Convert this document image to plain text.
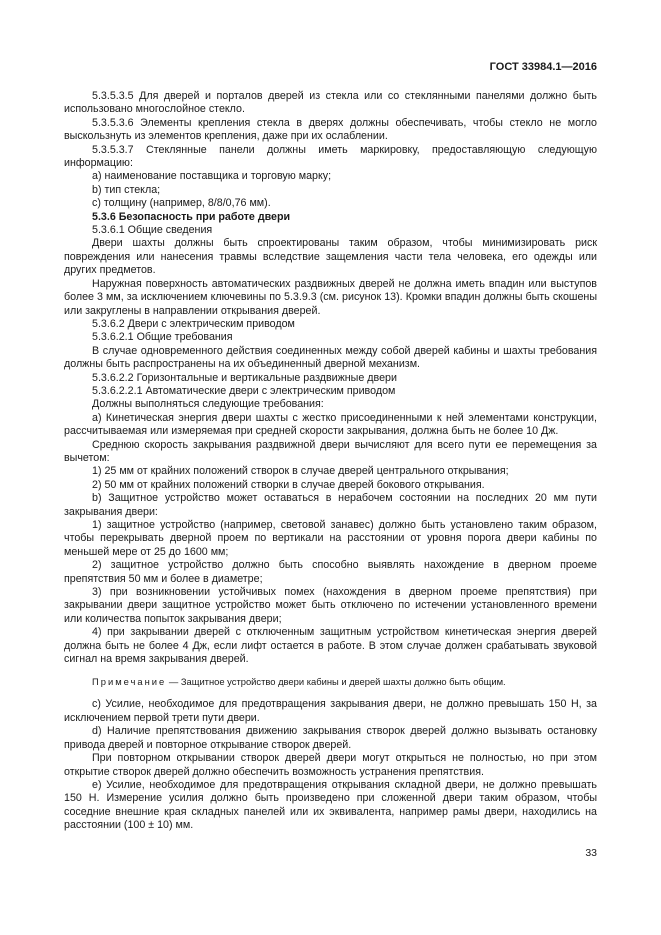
ГОСТ 33984.1—2016

5.3.5.3.5 Для дверей и порталов дверей из стекла или со стеклянными панелями должно быть использовано многослойное стекло.

5.3.5.3.6 Элементы крепления стекла в дверях должны обеспечивать, чтобы стекло не могло выскользнуть из элементов крепления, даже при их ослаблении.

5.3.5.3.7 Стеклянные панели должны иметь маркировку, предоставляющую следующую информацию:

a) наименование поставщика и торговую марку;

b) тип стекла;

c) толщину (например, 8/8/0,76 мм).

5.3.6 Безопасность при работе двери

5.3.6.1 Общие сведения

Двери шахты должны быть спроектированы таким образом, чтобы минимизировать риск повреждения или нанесения травмы вследствие защемления части тела человека, его одежды или других предметов.

Наружная поверхность автоматических раздвижных дверей не должна иметь впадин или выступов более 3 мм, за исключением ключевины по 5.3.9.3 (см. рисунок 13). Кромки впадин должны быть скошены или закруглены в направлении открывания дверей.

5.3.6.2 Двери с электрическим приводом

5.3.6.2.1 Общие требования

В случае одновременного действия соединенных между собой дверей кабины и шахты требования должны быть распространены на их объединенный дверной механизм.

5.3.6.2.2 Горизонтальные и вертикальные раздвижные двери

5.3.6.2.2.1 Автоматические двери с электрическим приводом

Должны выполняться следующие требования:

a) Кинетическая энергия двери шахты с жестко присоединенными к ней элементами конструкции, рассчитываемая или измеряемая при средней скорости закрывания, должна быть не более 10 Дж.

Среднюю скорость закрывания раздвижной двери вычисляют для всего пути ее перемещения за вычетом:

1) 25 мм от крайних положений створок в случае дверей центрального открывания;

2) 50 мм от крайних положений створки в случае дверей бокового открывания.

b) Защитное устройство может оставаться в нерабочем состоянии на последних 20 мм пути закрывания двери:

1) защитное устройство (например, световой занавес) должно быть установлено таким образом, чтобы перекрывать дверной проем по вертикали на расстоянии от уровня порога двери кабины по меньшей мере от 25 до 1600 мм;

2) защитное устройство должно быть способно выявлять нахождение в дверном проеме препятствия 50 мм и более в диаметре;

3) при возникновении устойчивых помех (нахождения в дверном проеме препятствия) при закрывании двери защитное устройство может быть отключено по истечении установленного времени или количества попыток закрывания двери;

4) при закрывании дверей с отключенным защитным устройством кинетическая энергия дверей должна быть не более 4 Дж, если лифт остается в работе. В этом случае должен срабатывать звуковой сигнал на время закрывания дверей.

Примечание — Защитное устройство двери кабины и дверей шахты должно быть общим.

c) Усилие, необходимое для предотвращения закрывания двери, не должно превышать 150 Н, за исключением первой трети пути двери.

d) Наличие препятствования движению закрывания створок дверей должно вызывать остановку привода дверей и повторное открывание створок дверей.

При повторном открывании створок дверей двери могут открыться не полностью, но при этом открытие створок дверей должно обеспечить возможность устранения препятствия.

e) Усилие, необходимое для предотвращения открывания складной двери, не должно превышать 150 Н. Измерение усилия должно быть произведено при сложенной двери таким образом, чтобы соседние внешние края складных панелей или их эквивалента, например рамы двери, находились на расстоянии (100 ± 10) мм.

33
